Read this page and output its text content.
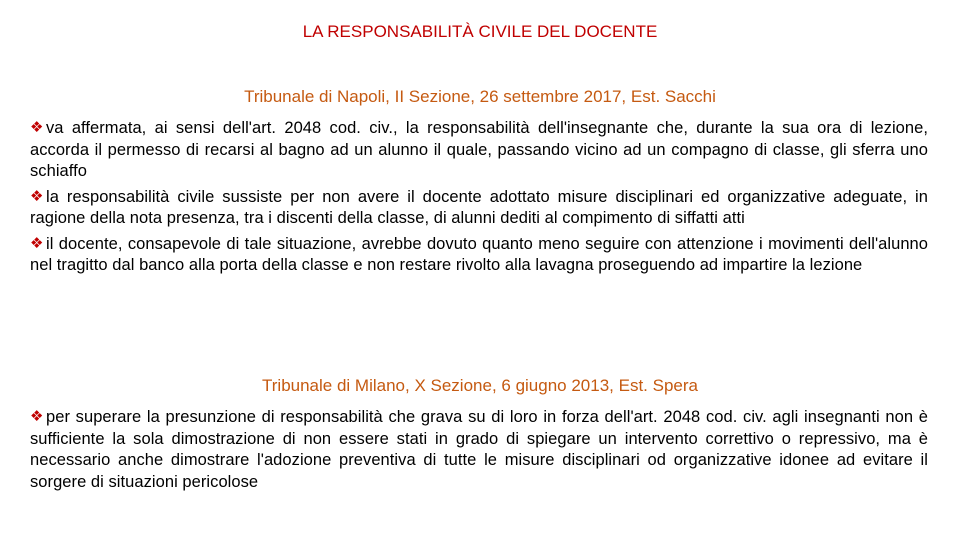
LA RESPONSABILITÀ CIVILE DEL DOCENTE
Tribunale di Napoli, II Sezione, 26 settembre 2017, Est. Sacchi
❖ va affermata, ai sensi dell'art. 2048 cod. civ., la responsabilità dell'insegnante che, durante la sua ora di lezione, accorda il permesso di recarsi al bagno ad un alunno il quale, passando vicino ad un compagno di classe, gli sferra uno schiaffo
❖ la responsabilità civile sussiste per non avere il docente adottato misure disciplinari ed organizzative adeguate, in ragione della nota presenza, tra i discenti della classe, di alunni dediti al compimento di siffatti atti
❖ il docente, consapevole di tale situazione, avrebbe dovuto quanto meno seguire con attenzione i movimenti dell'alunno nel tragitto dal banco alla porta della classe e non restare rivolto alla lavagna proseguendo ad impartire la lezione
Tribunale di Milano, X Sezione, 6 giugno 2013, Est. Spera
❖ per superare la presunzione di responsabilità che grava su di loro in forza dell'art. 2048 cod. civ. agli insegnanti non è sufficiente la sola dimostrazione di non essere stati in grado di spiegare un intervento correttivo o repressivo, ma è necessario anche dimostrare l'adozione preventiva di tutte le misure disciplinari od organizzative idonee ad evitare il sorgere di situazioni pericolose
